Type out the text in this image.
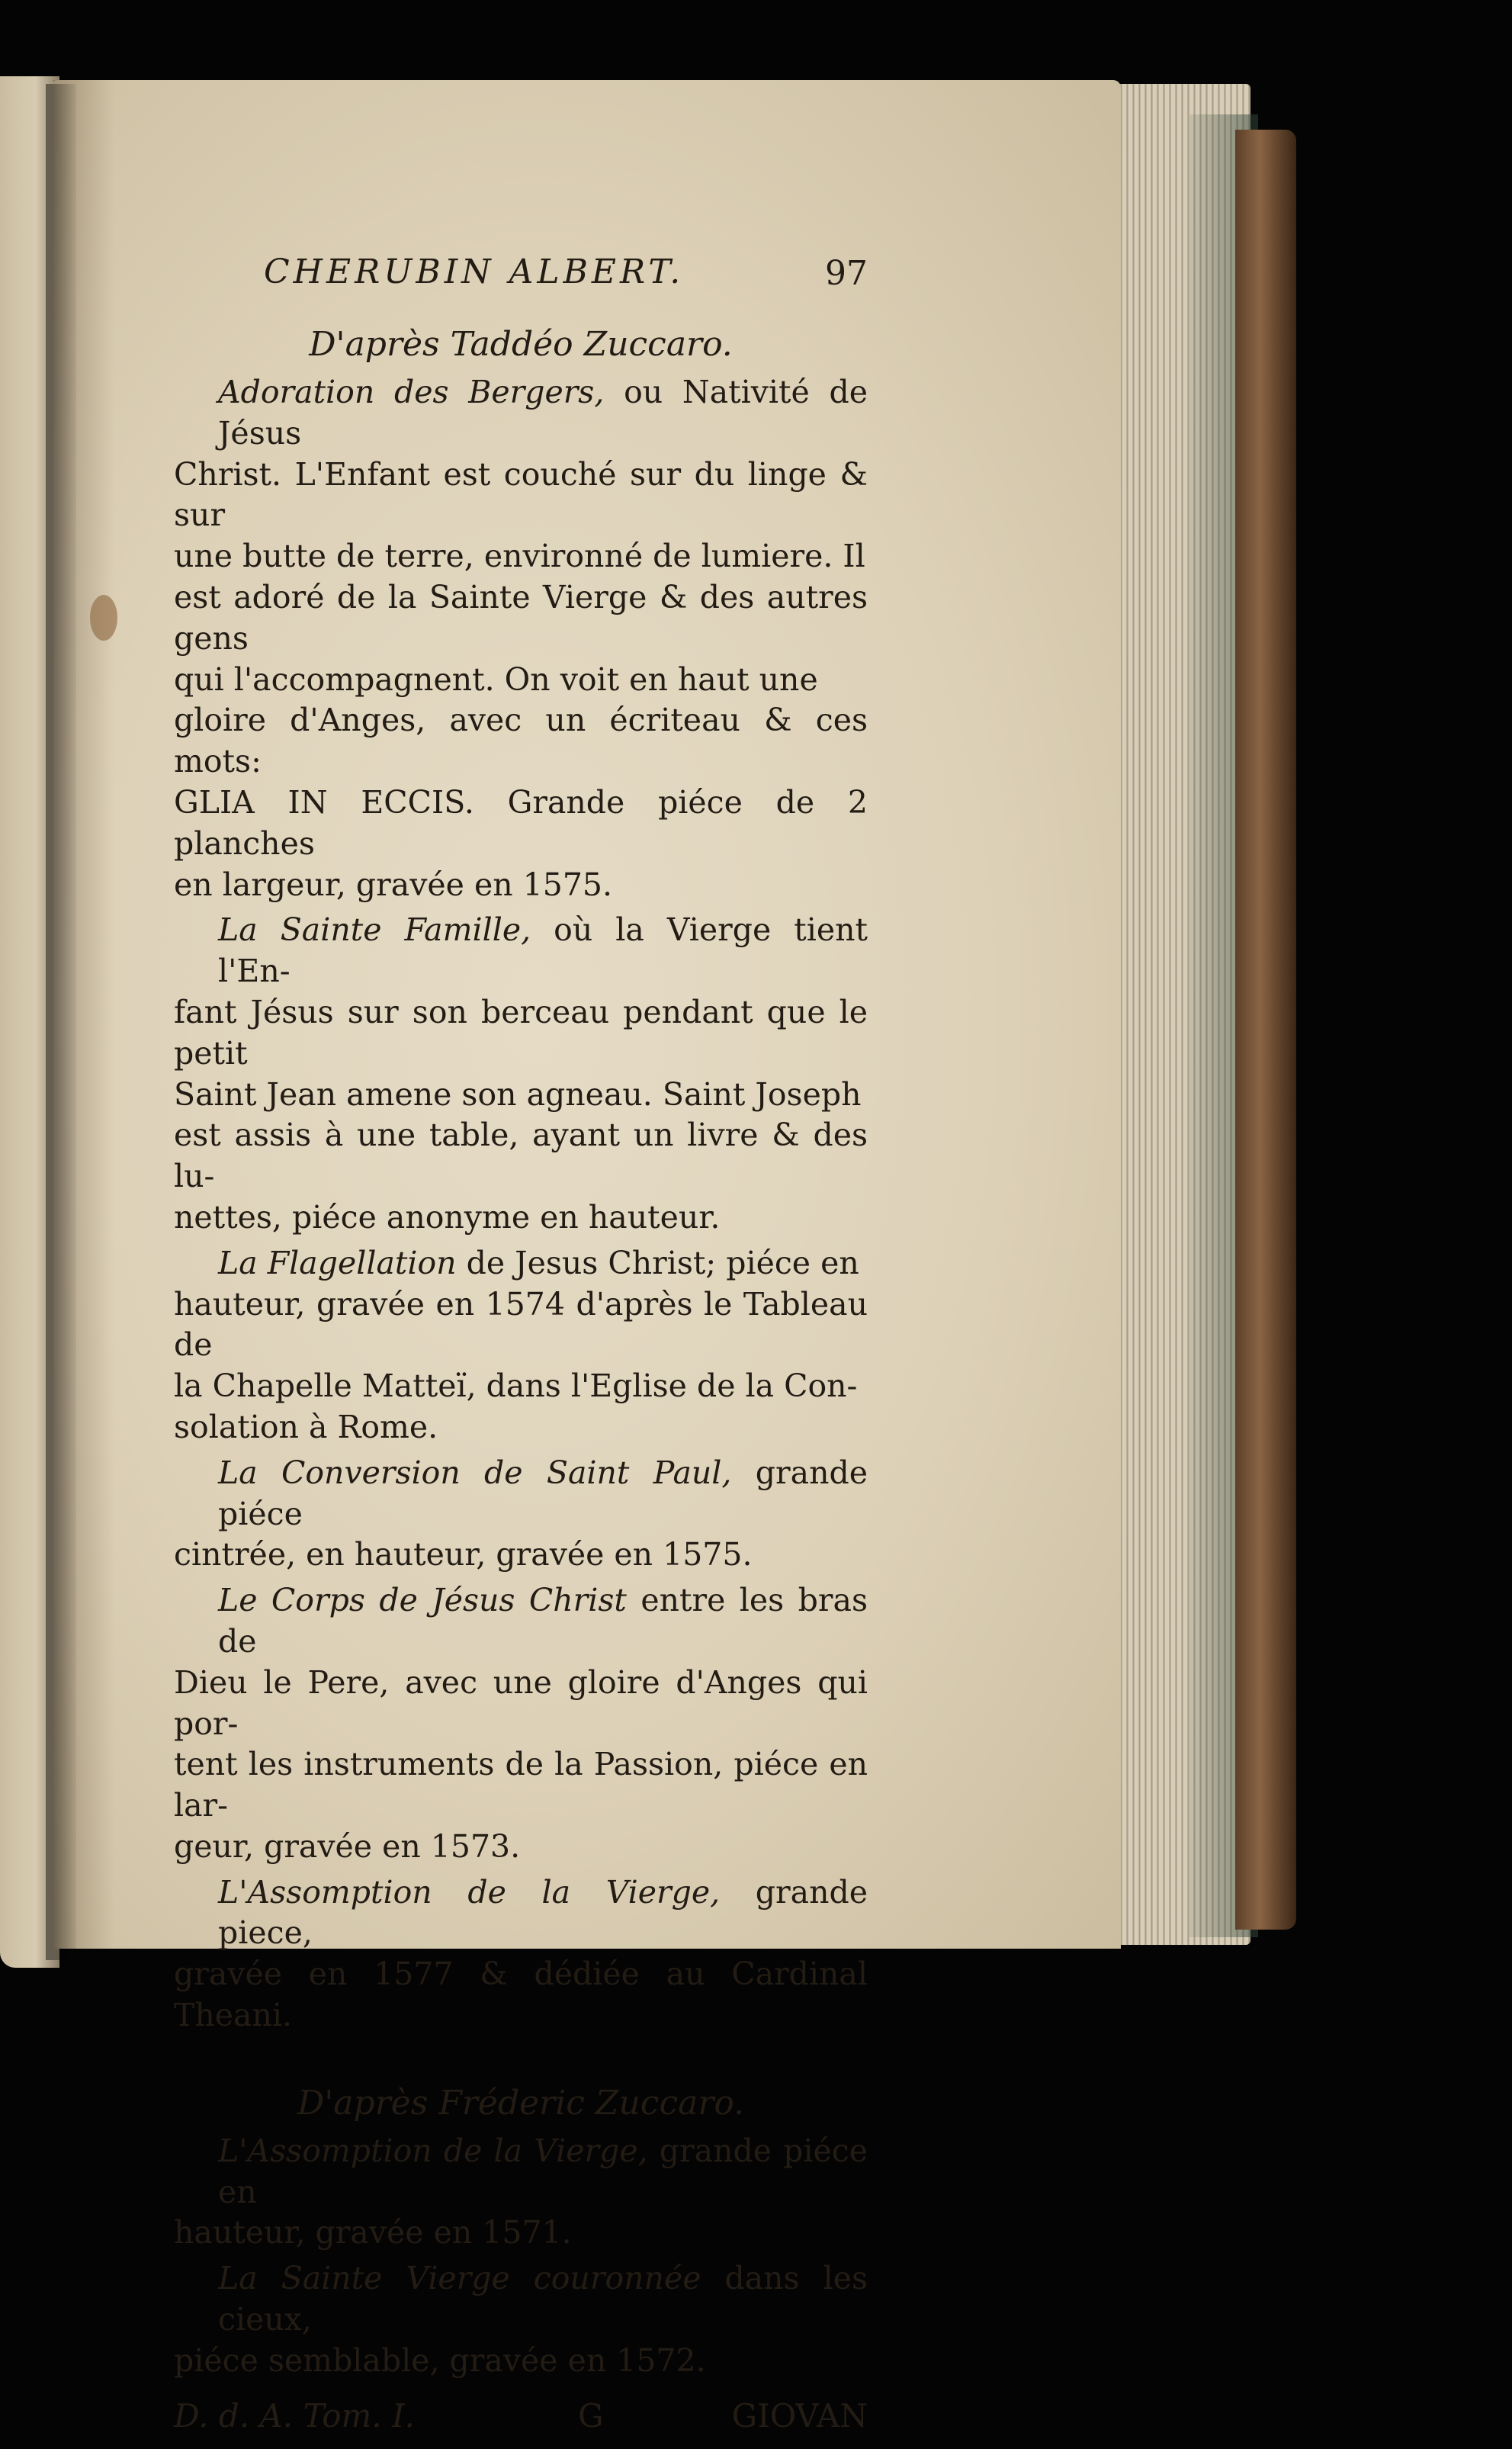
CHERUBIN ALBERT.	97
D'après Taddéo Zuccaro.
Adoration des Bergers, ou Nativité de Jésus
Christ. L'Enfant est couché sur du linge & sur
une butte de terre, environné de lumiere. Il
est adoré de la Sainte Vierge & des autres gens
qui l'accompagnent. On voit en haut une
gloire d'Anges, avec un écriteau & ces mots:
GLIA IN ECCIS. Grande piéce de 2 planches
en largeur, gravée en 1575.
La Sainte Famille, où la Vierge tient l'En-
fant Jésus sur son berceau pendant que le petit
Saint Jean amene son agneau. Saint Joseph
est assis à une table, ayant un livre & des lu-
nettes, piéce anonyme en hauteur.
La Flagellation de Jesus Christ; piéce en
hauteur, gravée en 1574 d'après le Tableau de
la Chapelle Matteï, dans l'Eglise de la Con-
solation à Rome.
La Conversion de Saint Paul, grande piéce
cintrée, en hauteur, gravée en 1575.
Le Corps de Jésus Christ entre les bras de
Dieu le Pere, avec une gloire d'Anges qui por-
tent les instruments de la Passion, piéce en lar-
geur, gravée en 1573.
L'Assomption de la Vierge, grande piece,
gravée en 1577 & dédiée au Cardinal Theani.
D'après Fréderic Zuccaro.
L'Assomption de la Vierge, grande piéce en
hauteur, gravée en 1571.
La Sainte Vierge couronnée dans les cieux,
piéce semblable, gravée en 1572.
D. d. A. Tom. I.	G	GIOVAN
